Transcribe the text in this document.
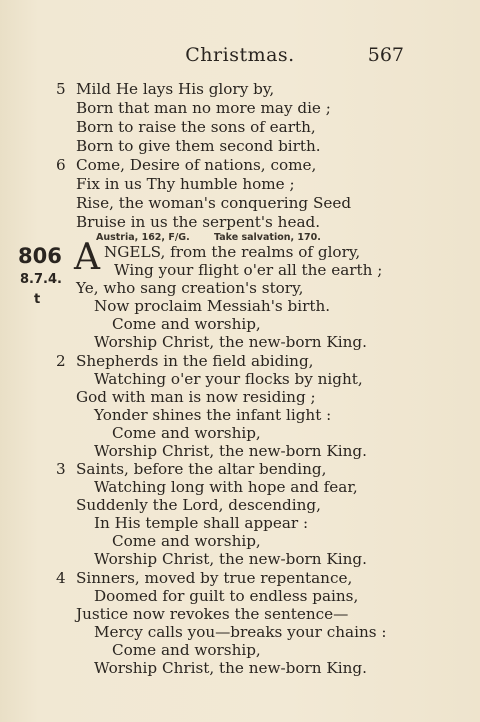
Christmas.	567
5 Mild He lays His glory by,
Born that man no more may die ;
Born to raise the sons of earth,
Born to give them second birth.
6 Come, Desire of nations, come,
Fix in us Thy humble home ;
Rise, the woman's conquering Seed
Bruise in us the serpent's head.
Austria, 162, F/G.	Take salvation, 170.
806
8.7.4.
t
A NGELS, from the realms of glory,
Wing your flight o'er all the earth ;
Ye, who sang creation's story,
Now proclaim Messiah's birth.
Come and worship,
Worship Christ, the new-born King.
2 Shepherds in the field abiding,
Watching o'er your flocks by night,
God with man is now residing ;
Yonder shines the infant light :
Come and worship,
Worship Christ, the new-born King.
3 Saints, before the altar bending,
Watching long with hope and fear,
Suddenly the Lord, descending,
In His temple shall appear :
Come and worship,
Worship Christ, the new-born King.
4 Sinners, moved by true repentance,
Doomed for guilt to endless pains,
Justice now revokes the sentence—
Mercy calls you—breaks your chains :
Come and worship,
Worship Christ, the new-born King.
